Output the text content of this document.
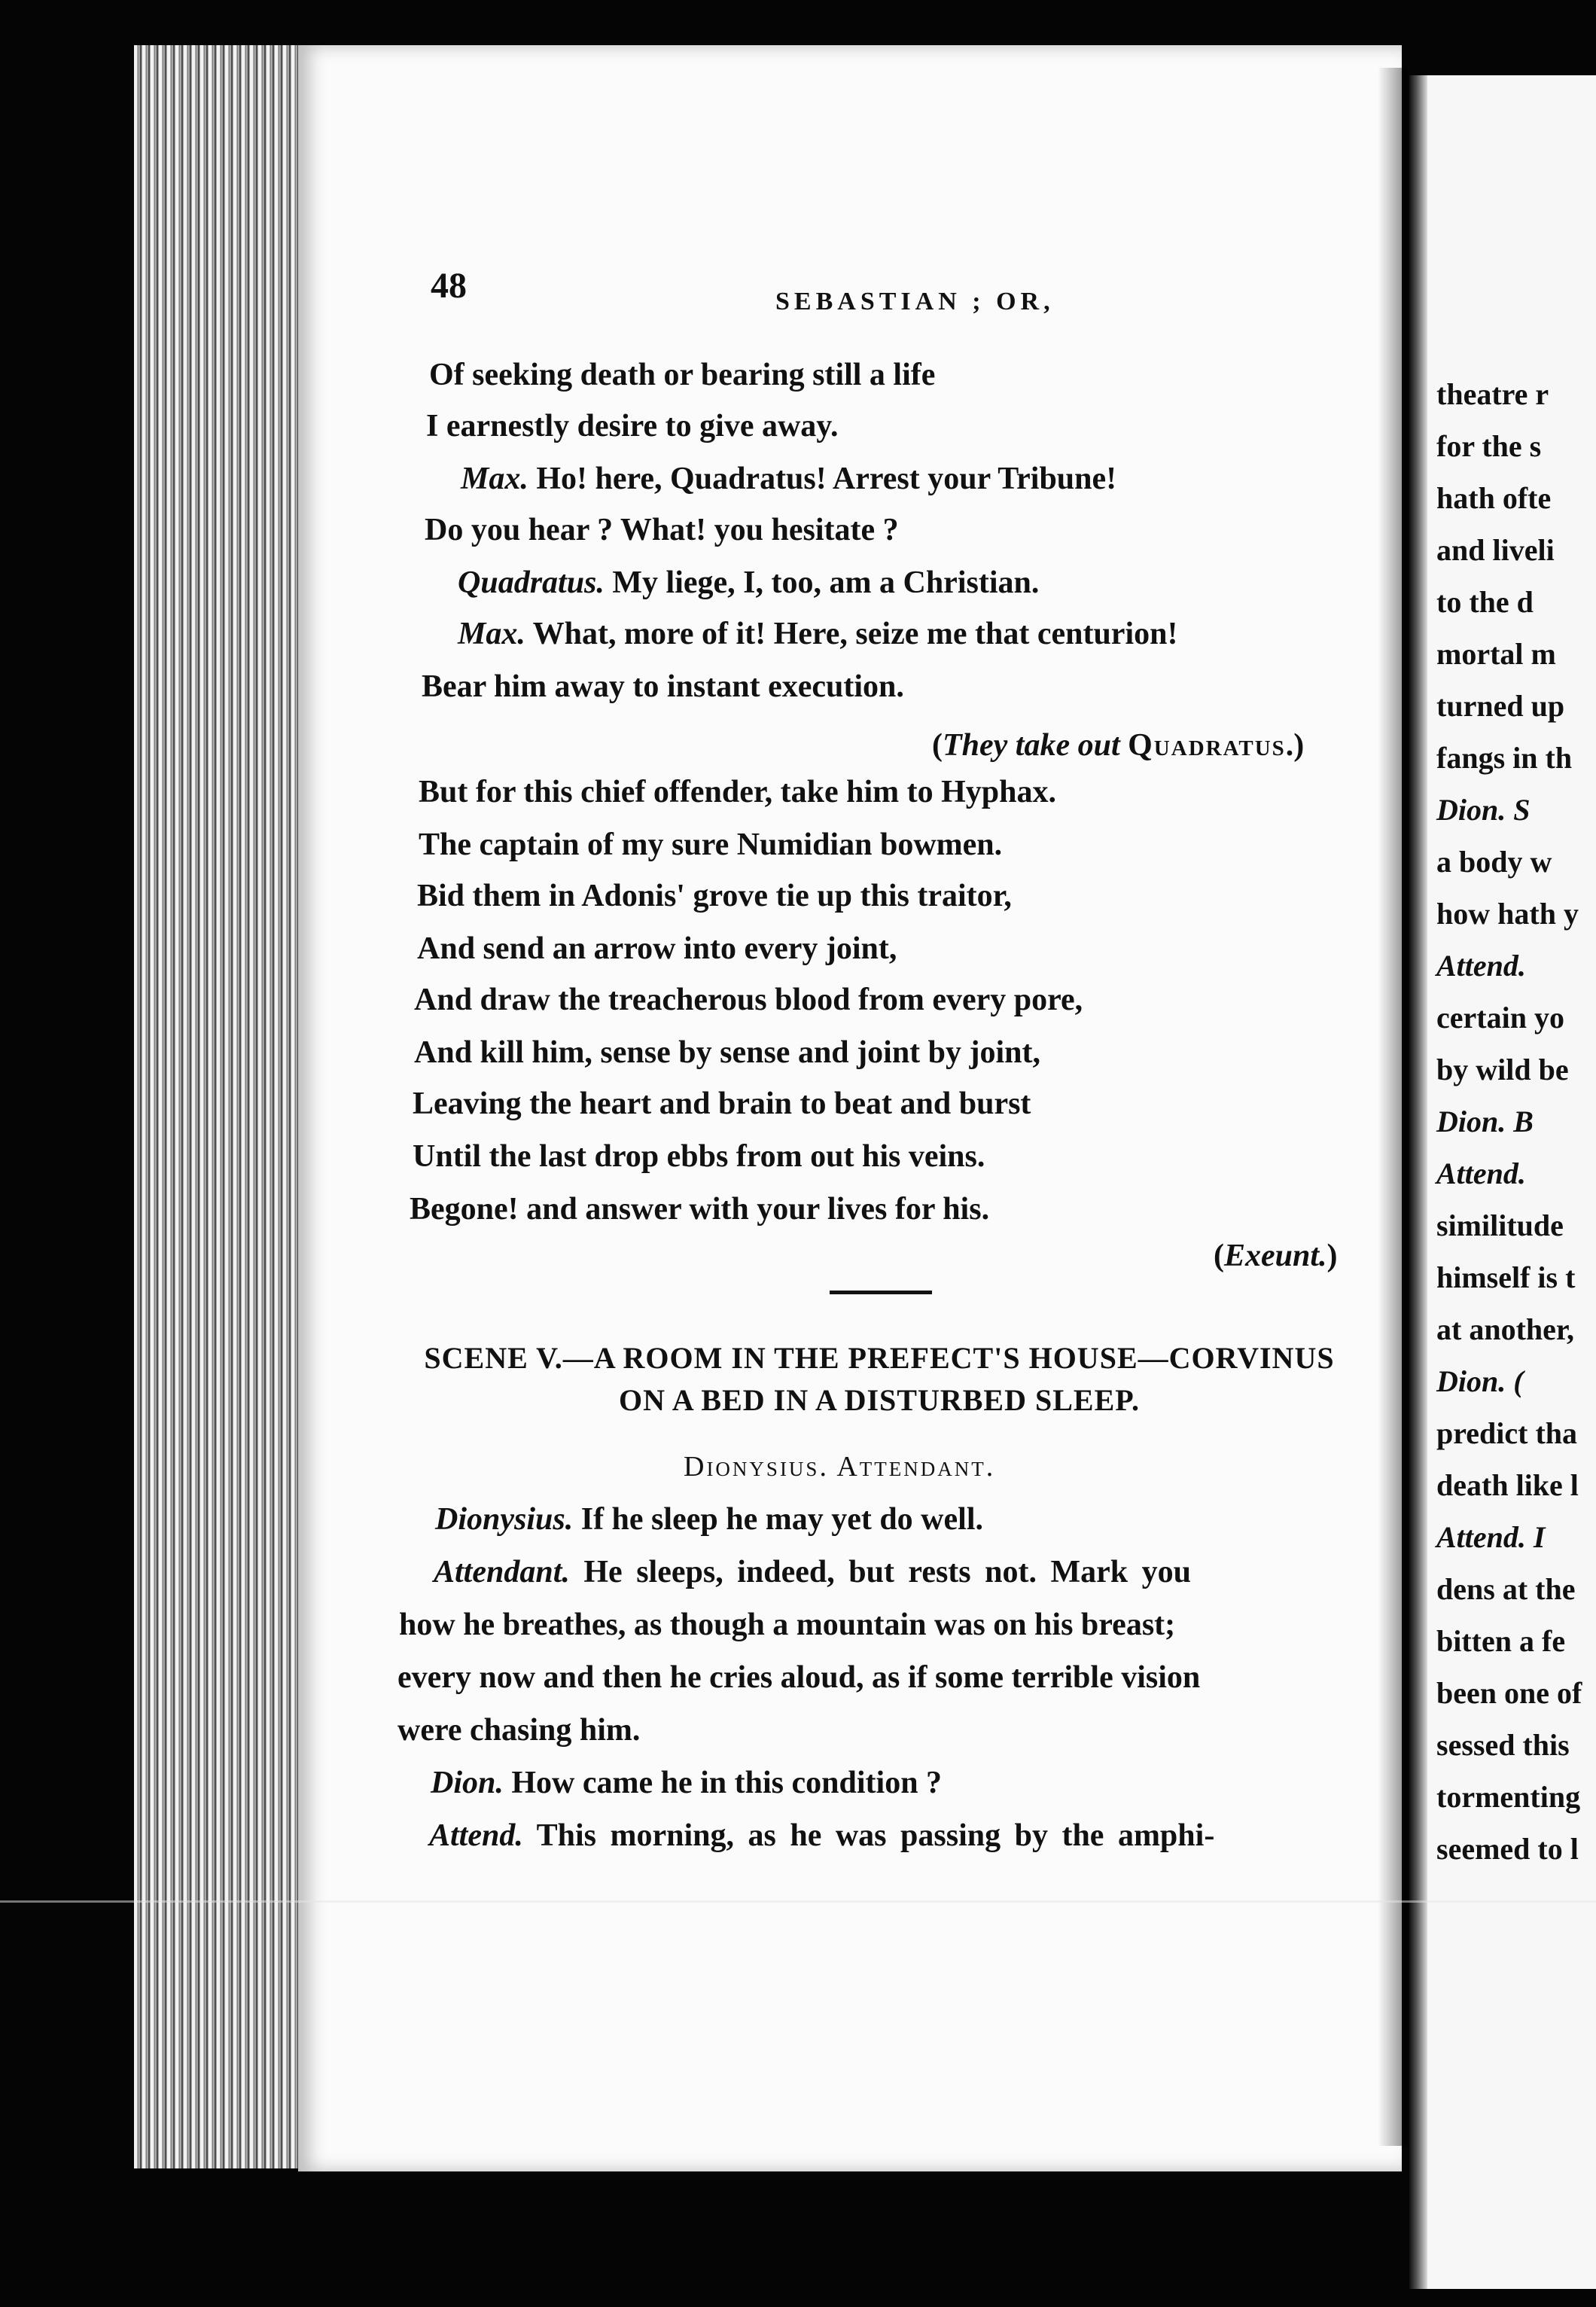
theatre r
for the s
hath ofte
and liveli
to the d
mortal m
turned up
fangs in th
Dion. S
a body w
how hath y
Attend.
certain yo
by wild be
Dion. B
Attend.
similitude
himself is t
at another,
Dion. (
predict tha
death like l
Attend. I
dens at the
bitten a fe
been one of
sessed this
tormenting
seemed to l
48	SEBASTIAN ; OR,
Of seeking death or bearing still a life
I earnestly desire to give away.
Max. Ho! here, Quadratus! Arrest your Tribune!
Do you hear ? What! you hesitate ?
Quadratus. My liege, I, too, am a Christian.
Max. What, more of it! Here, seize me that centurion!
Bear him away to instant execution.
(They take out Quadratus.)
But for this chief offender, take him to Hyphax.
The captain of my sure Numidian bowmen.
Bid them in Adonis' grove tie up this traitor,
And send an arrow into every joint,
And draw the treacherous blood from every pore,
And kill him, sense by sense and joint by joint,
Leaving the heart and brain to beat and burst
Until the last drop ebbs from out his veins.
Begone! and answer with your lives for his.
(Exeunt.)
SCENE V.—A ROOM IN THE PREFECT'S HOUSE—CORVINUS
ON A BED IN A DISTURBED SLEEP.
Dionysius. Attendant.
Dionysius. If he sleep he may yet do well.
Attendant. He sleeps, indeed, but rests not. Mark you
how he breathes, as though a mountain was on his breast;
every now and then he cries aloud, as if some terrible vision
were chasing him.
Dion. How came he in this condition ?
Attend. This morning, as he was passing by the amphi-
